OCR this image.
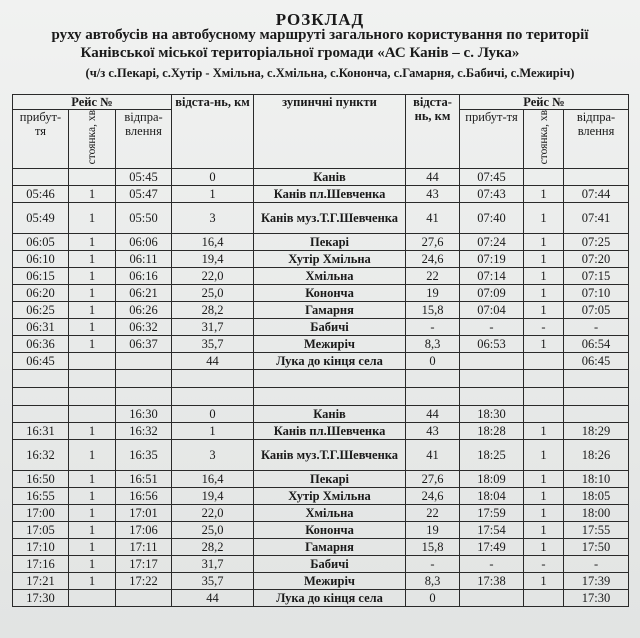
РОЗКЛАД
руху автобусів на автобусному маршруті загального користування по території
Канівської міської територіальної громади «АС Канів – с. Лука»
(ч/з с.Пекарі, с.Хутір - Хмільна, с.Хмільна, с.Кононча, с.Гамарня, с.Бабичі, с.Межиріч)
Рейс №			відста-нь, км	зупинчні пункти	відста-нь, км	Рейс №		
прибут-тя	стоянка, хв	відпра-влення				прибут-тя	стоянка, хв	відпра-влення
		05:45	0	Канів	44	07:45		
05:46	1	05:47	1	Канів пл.Шевченка	43	07:43	1	07:44
05:49	1	05:50	3	Канів муз.Т.Г.Шевченка	41	07:40	1	07:41
06:05	1	06:06	16,4	Пекарі	27,6	07:24	1	07:25
06:10	1	06:11	19,4	Хутір Хмільна	24,6	07:19	1	07:20
06:15	1	06:16	22,0	Хмільна	22	07:14	1	07:15
06:20	1	06:21	25,0	Кононча	19	07:09	1	07:10
06:25	1	06:26	28,2	Гамарня	15,8	07:04	1	07:05
06:31	1	06:32	31,7	Бабичі	-	-	-	-
06:36	1	06:37	35,7	Межиріч	8,3	06:53	1	06:54
06:45			44	Лука до кінця села	0			06:45

		16:30	0	Канів	44	18:30		
16:31	1	16:32	1	Канів пл.Шевченка	43	18:28	1	18:29
16:32	1	16:35	3	Канів муз.Т.Г.Шевченка	41	18:25	1	18:26
16:50	1	16:51	16,4	Пекарі	27,6	18:09	1	18:10
16:55	1	16:56	19,4	Хутір Хмільна	24,6	18:04	1	18:05
17:00	1	17:01	22,0	Хмільна	22	17:59	1	18:00
17:05	1	17:06	25,0	Кононча	19	17:54	1	17:55
17:10	1	17:11	28,2	Гамарня	15,8	17:49	1	17:50
17:16	1	17:17	31,7	Бабичі	-	-	-	-
17:21	1	17:22	35,7	Межиріч	8,3	17:38	1	17:39
17:30			44	Лука до кінця села	0			17:30
